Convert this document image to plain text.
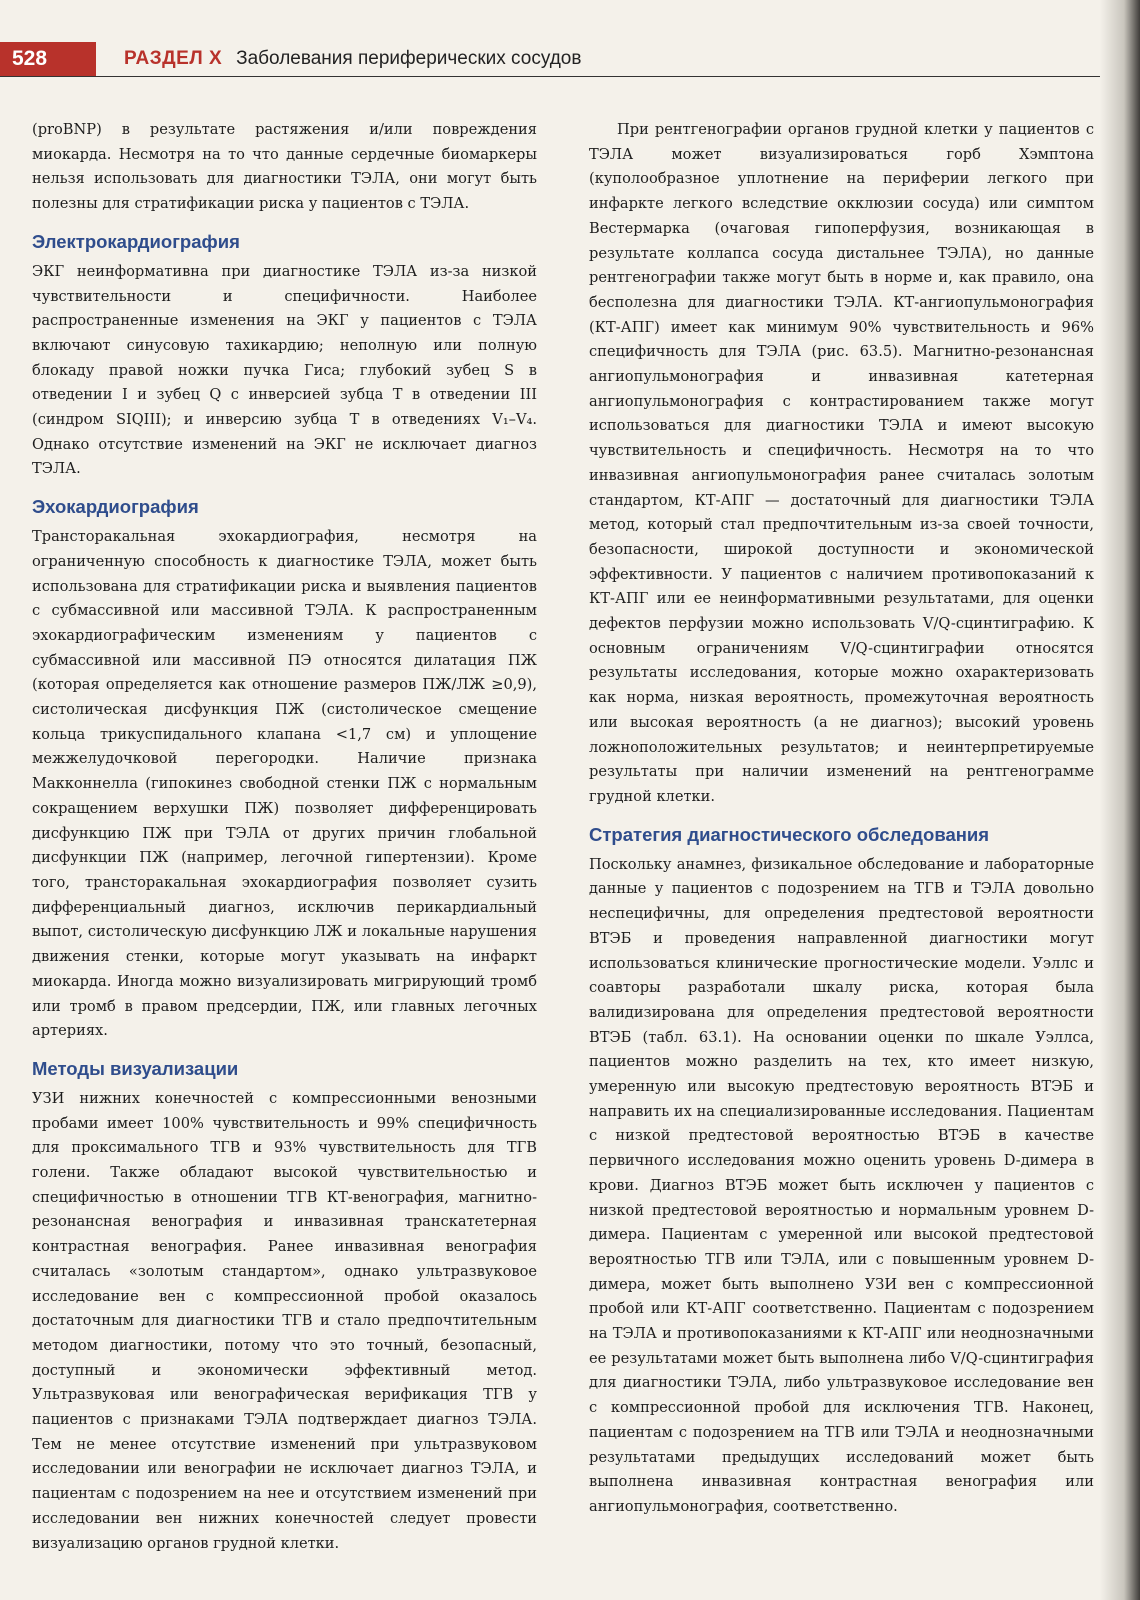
528	РАЗДЕЛ X Заболевания периферических сосудов

(proBNP) в результате растяжения и/или повреждения миокарда. Несмотря на то что данные сердечные биомаркеры нельзя использовать для диагностики ТЭЛА, они могут быть полезны для стратификации риска у пациентов с ТЭЛА.

Электрокардиография

ЭКГ неинформативна при диагностике ТЭЛА из-за низкой чувствительности и специфичности. Наиболее распространенные изменения на ЭКГ у пациентов с ТЭЛА включают синусовую тахикардию; неполную или полную блокаду правой ножки пучка Гиса; глубокий зубец S в отведении I и зубец Q с инверсией зубца T в отведении III (синдром SIQIII); и инверсию зубца T в отведениях V₁–V₄. Однако отсутствие изменений на ЭКГ не исключает диагноз ТЭЛА.

Эхокардиография

Трансторакальная эхокардиография, несмотря на ограниченную способность к диагностике ТЭЛА, может быть использована для стратификации риска и выявления пациентов с субмассивной или массивной ТЭЛА. К распространенным эхокардиографическим изменениям у пациентов с субмассивной или массивной ПЭ относятся дилатация ПЖ (которая определяется как отношение размеров ПЖ/ЛЖ ≥0,9), систолическая дисфункция ПЖ (систолическое смещение кольца трикуспидального клапана <1,7 см) и уплощение межжелудочковой перегородки. Наличие признака Макконнелла (гипокинез свободной стенки ПЖ с нормальным сокращением верхушки ПЖ) позволяет дифференцировать дисфункцию ПЖ при ТЭЛА от других причин глобальной дисфункции ПЖ (например, легочной гипертензии). Кроме того, трансторакальная эхокардиография позволяет сузить дифференциальный диагноз, исключив перикардиальный выпот, систолическую дисфункцию ЛЖ и локальные нарушения движения стенки, которые могут указывать на инфаркт миокарда. Иногда можно визуализировать мигрирующий тромб или тромб в правом предсердии, ПЖ, или главных легочных артериях.

Методы визуализации

УЗИ нижних конечностей с компрессионными венозными пробами имеет 100% чувствительность и 99% специфичность для проксимального ТГВ и 93% чувствительность для ТГВ голени. Также обладают высокой чувствительностью и специфичностью в отношении ТГВ КТ-венография, магнитно-резонансная венография и инвазивная транскатетерная контрастная венография. Ранее инвазивная венография считалась «золотым стандартом», однако ультразвуковое исследование вен с компрессионной пробой оказалось достаточным для диагностики ТГВ и стало предпочтительным методом диагностики, потому что это точный, безопасный, доступный и экономически эффективный метод. Ультразвуковая или венографическая верификация ТГВ у пациентов с признаками ТЭЛА подтверждает диагноз ТЭЛА. Тем не менее отсутствие изменений при ультразвуковом исследовании или венографии не исключает диагноз ТЭЛА, и пациентам с подозрением на нее и отсутствием изменений при исследовании вен нижних конечностей следует провести визуализацию органов грудной клетки.

При рентгенографии органов грудной клетки у пациентов с ТЭЛА может визуализироваться горб Хэмптона (куполообразное уплотнение на периферии легкого при инфаркте легкого вследствие окклюзии сосуда) или симптом Вестермарка (очаговая гипоперфузия, возникающая в результате коллапса сосуда дистальнее ТЭЛА), но данные рентгенографии также могут быть в норме и, как правило, она бесполезна для диагностики ТЭЛА. КТ-ангиопульмонография (КТ-АПГ) имеет как минимум 90% чувствительность и 96% специфичность для ТЭЛА (рис. 63.5). Магнитно-резонансная ангиопульмонография и инвазивная катетерная ангиопульмонография с контрастированием также могут использоваться для диагностики ТЭЛА и имеют высокую чувствительность и специфичность. Несмотря на то что инвазивная ангиопульмонография ранее считалась золотым стандартом, КТ-АПГ — достаточный для диагностики ТЭЛА метод, который стал предпочтительным из-за своей точности, безопасности, широкой доступности и экономической эффективности. У пациентов с наличием противопоказаний к КТ-АПГ или ее неинформативными результатами, для оценки дефектов перфузии можно использовать V/Q-сцинтиграфию. К основным ограничениям V/Q-сцинтиграфии относятся результаты исследования, которые можно охарактеризовать как норма, низкая вероятность, промежуточная вероятность или высокая вероятность (а не диагноз); высокий уровень ложноположительных результатов; и неинтерпретируемые результаты при наличии изменений на рентгенограмме грудной клетки.

Стратегия диагностического обследования

Поскольку анамнез, физикальное обследование и лабораторные данные у пациентов с подозрением на ТГВ и ТЭЛА довольно неспецифичны, для определения предтестовой вероятности ВТЭБ и проведения направленной диагностики могут использоваться клинические прогностические модели. Уэллс и соавторы разработали шкалу риска, которая была валидизирована для определения предтестовой вероятности ВТЭБ (табл. 63.1). На основании оценки по шкале Уэллса, пациентов можно разделить на тех, кто имеет низкую, умеренную или высокую предтестовую вероятность ВТЭБ и направить их на специализированные исследования. Пациентам с низкой предтестовой вероятностью ВТЭБ в качестве первичного исследования можно оценить уровень D-димера в крови. Диагноз ВТЭБ может быть исключен у пациентов с низкой предтестовой вероятностью и нормальным уровнем D-димера. Пациентам с умеренной или высокой предтестовой вероятностью ТГВ или ТЭЛА, или с повышенным уровнем D-димера, может быть выполнено УЗИ вен с компрессионной пробой или КТ-АПГ соответственно. Пациентам с подозрением на ТЭЛА и противопоказаниями к КТ-АПГ или неоднозначными ее результатами может быть выполнена либо V/Q-сцинтиграфия для диагностики ТЭЛА, либо ультразвуковое исследование вен с компрессионной пробой для исключения ТГВ. Наконец, пациентам с подозрением на ТГВ или ТЭЛА и неоднозначными результатами предыдущих исследований может быть выполнена инвазивная контрастная венография или ангиопульмонография, соответственно.
